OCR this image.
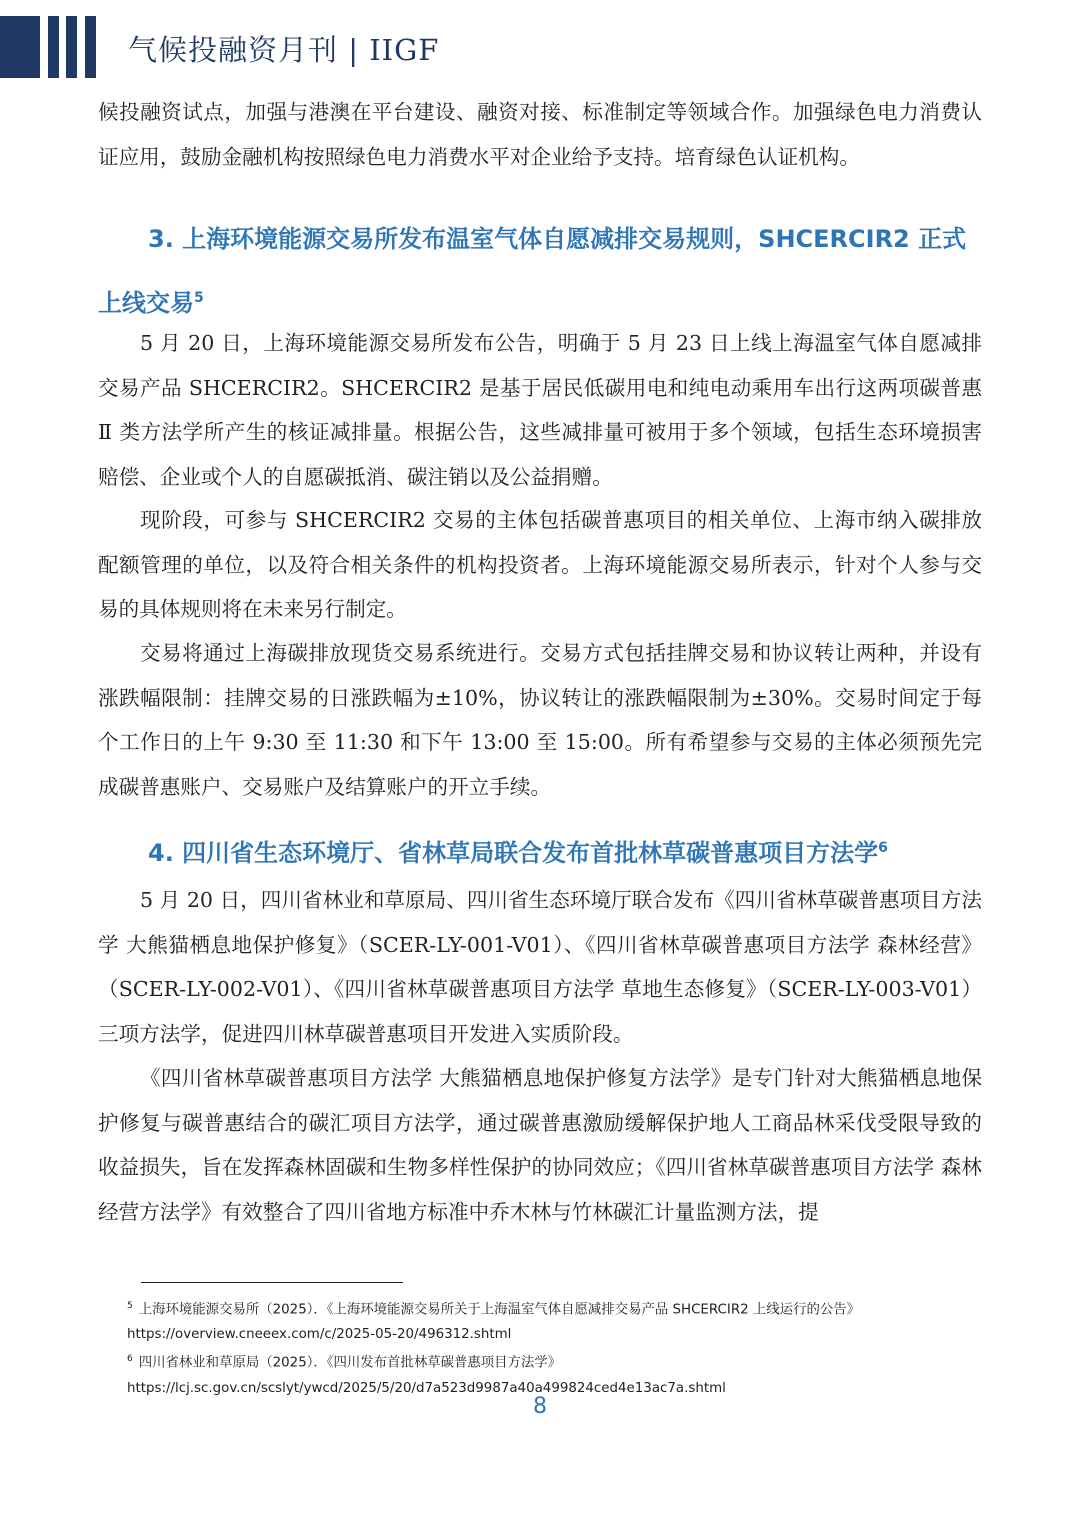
气候投融资月刊 | IIGF

候投融资试点，加强与港澳在平台建设、融资对接、标准制定等领域合作。加强绿色电力消费认证应用，鼓励金融机构按照绿色电力消费水平对企业给予支持。培育绿色认证机构。

3. 上海环境能源交易所发布温室气体自愿减排交易规则，SHCERCIR2 正式上线交易$^5$

5 月 20 日，上海环境能源交易所发布公告，明确于 5 月 23 日上线上海温室气体自愿减排交易产品 SHCERCIR2。SHCERCIR2 是基于居民低碳用电和纯电动乘用车出行这两项碳普惠 Ⅱ 类方法学所产生的核证减排量。根据公告，这些减排量可被用于多个领域，包括生态环境损害赔偿、企业或个人的自愿碳抵消、碳注销以及公益捐赠。

现阶段，可参与 SHCERCIR2 交易的主体包括碳普惠项目的相关单位、上海市纳入碳排放配额管理的单位，以及符合相关条件的机构投资者。上海环境能源交易所表示，针对个人参与交易的具体规则将在未来另行制定。

交易将通过上海碳排放现货交易系统进行。交易方式包括挂牌交易和协议转让两种，并设有涨跌幅限制：挂牌交易的日涨跌幅为±10%，协议转让的涨跌幅限制为±30%。交易时间定于每个工作日的上午 9:30 至 11:30 和下午 13:00 至 15:00。所有希望参与交易的主体必须预先完成碳普惠账户、交易账户及结算账户的开立手续。

4. 四川省生态环境厅、省林草局联合发布首批林草碳普惠项目方法学$^6$

5 月 20 日，四川省林业和草原局、四川省生态环境厅联合发布《四川省林草碳普惠项目方法学 大熊猫栖息地保护修复》（SCER-LY-001-V01）、《四川省林草碳普惠项目方法学 森林经营》（SCER-LY-002-V01）、《四川省林草碳普惠项目方法学 草地生态修复》（SCER-LY-003-V01）三项方法学，促进四川林草碳普惠项目开发进入实质阶段。

《四川省林草碳普惠项目方法学 大熊猫栖息地保护修复方法学》是专门针对大熊猫栖息地保护修复与碳普惠结合的碳汇项目方法学，通过碳普惠激励缓解保护地人工商品林采伐受限导致的收益损失，旨在发挥森林固碳和生物多样性保护的协同效应；《四川省林草碳普惠项目方法学 森林经营方法学》有效整合了四川省地方标准中乔木林与竹林碳汇计量监测方法，提

$^5$ 上海环境能源交易所（2025）．《上海环境能源交易所关于上海温室气体自愿减排交易产品 SHCERCIR2 上线运行的公告》
https://overview.cneeex.com/c/2025-05-20/496312.shtml
$^6$ 四川省林业和草原局（2025）．《四川发布首批林草碳普惠项目方法学》
https://lcj.sc.gov.cn/scslyt/ywcd/2025/5/20/d7a523d9987a40a499824ced4e13ac7a.shtml
8
